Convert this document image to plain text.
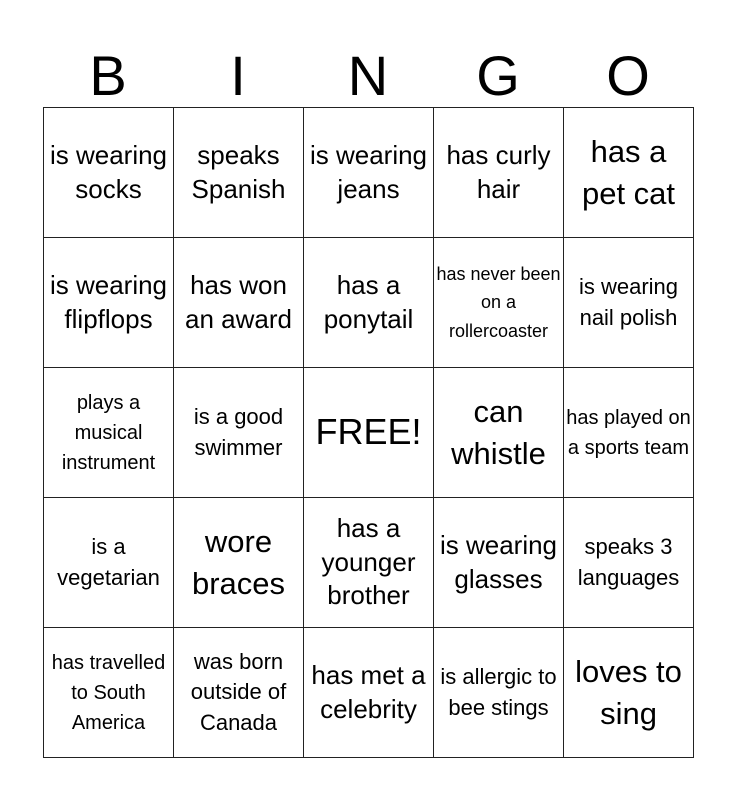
B	I	N	G	O
is wearing socks	speaks Spanish	is wearing jeans	has curly hair	has a pet cat

is wearing flipflops	has won an award	has a ponytail	has never been on a rollercoaster	is wearing nail polish

plays a musical instrument	is a good swimmer	FREE!	can whistle	has played on a sports team

is a vegetarian	wore braces	has a younger brother	is wearing glasses	speaks 3 languages

has travelled to South America	was born outside of Canada	has met a celebrity	is allergic to bee stings	loves to sing
